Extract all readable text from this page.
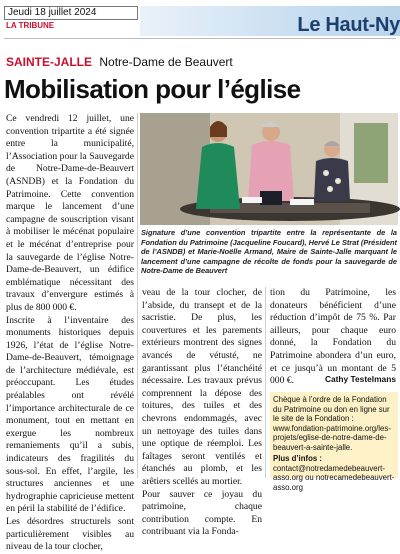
Jeudi 18 juillet 2024
LA TRIBUNE	Le Haut-Ny
SAINTE-JALLE Notre-Dame de Beauvert
Mobilisation pour l’église

Ce vendredi 12 juillet, une convention tripartite a été signée entre la municipalité, l’Association pour la Sauvegarde de Notre-Dame-de-Beauvert (ASNDB) et la Fondation du Patrimoine. Cette convention marque le lancement d’une campagne de souscription visant à mobiliser le mécénat populaire et le mécénat d’entreprise pour la sauvegarde de l’église Notre-Dame-de-Beauvert, un édifice emblématique nécessitant des travaux d’envergure estimés à plus de 800 000 €.

Inscrite à l’inventaire des monuments historiques depuis 1926, l’état de l’église Notre-Dame-de-Beauvert, témoignage de l’architecture médiévale, est préoccupant. Les études préalables ont révélé l’importance architecturale de ce monument, tout en mettant en exergue les nombreux remaniements qu’il a subis, indicateurs des fragilités du sous-sol. En effet, l’argile, les structures anciennes et une hydrographie capricieuse mettent en péril la stabilité de l’édifice.

Les désordres structurels sont particulièrement visibles au niveau de la tour clocher,

Signature d’une convention tripartite entre la représentante de la Fondation du Patrimoine (Jacqueline Foucard), Hervé Le Strat (Président de l’ASNDB) et Marie-Noëlle Armand, Maire de Sainte-Jalle marquant le lancement d’une campagne de récolte de fonds pour la sauvegarde de Notre-Dame de Beauvert

veau de la tour clocher, de l’abside, du transept et de la sacristie. De plus, les couvertures et les parements extérieurs montrent des signes avancés de vétusté, ne garantissant plus l’étanchéité nécessaire. Les travaux prévus comprennent la dépose des toitures, des tuiles et des chevrons endommagés, avec un nettoyage des tuiles dans une optique de réemploi. Les faîtages seront ventilés et étanchés au plomb, et les arêtiers scellés au mortier.

Pour sauver ce joyau du patrimoine, chaque contribution compte. En contribuant via la Fonda-

tion du Patrimoine, les donateurs bénéficient d’une réduction d’impôt de 75 %. Par ailleurs, pour chaque euro donné, la Fondation du Patrimoine abondera d’un euro, et ce jusqu’à un montant de 5 000 €.	Cathy Testelmans
Chèque à l’ordre de la Fondation du Patrimoine ou don en ligne sur le site de la Fondation : www.fondation-patrimoine.org/les-projets/eglise-de-notre-dame-de-beauvert-a-sainte-jalle.
Plus d’infos :
contact@notredamedebeauvert-asso.org ou notrecamedebeauvert-asso.org
